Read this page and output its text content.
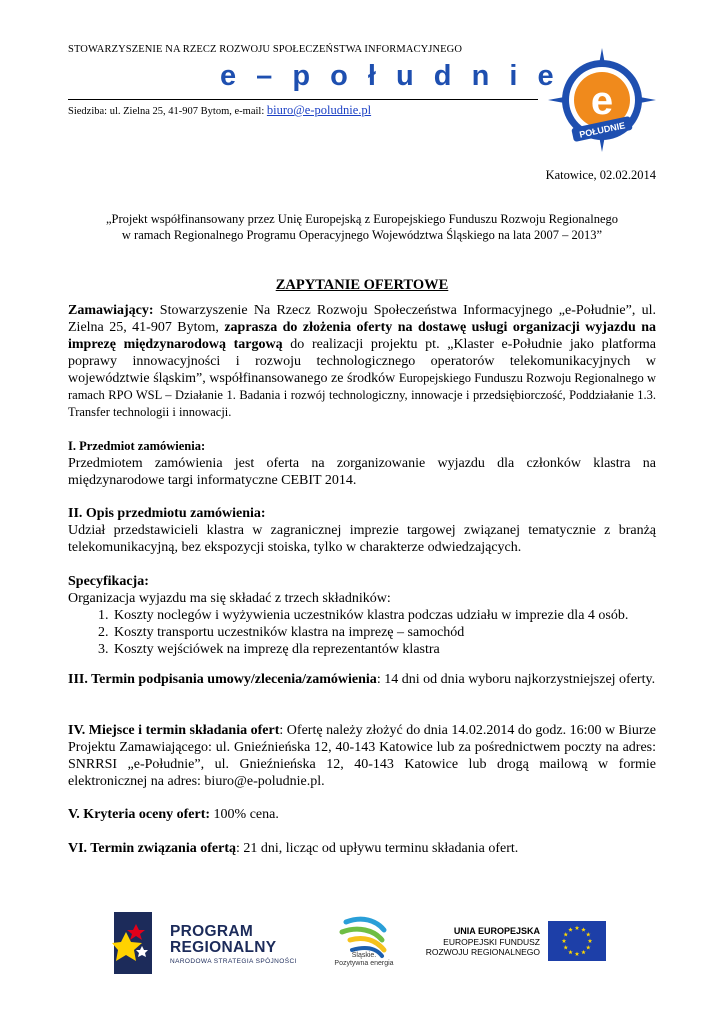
STOWARZYSZENIE NA RZECZ ROZWOJU SPOŁECZEŃSTWA INFORMACYJNEGO
e – p o ł u d n i e
Siedziba: ul. Zielna 25, 41-907 Bytom, e-mail: biuro@e-poludnie.pl	e
POŁUDNIE
Katowice, 02.02.2014
„Projekt współfinansowany przez Unię Europejską z Europejskiego Funduszu Rozwoju Regionalnego
w ramach Regionalnego Programu Operacyjnego Województwa Śląskiego na lata 2007 – 2013”
ZAPYTANIE OFERTOWE
Zamawiający: Stowarzyszenie Na Rzecz Rozwoju Społeczeństwa Informacyjnego „e-Południe”, ul. Zielna 25, 41-907 Bytom, zaprasza do złożenia oferty na dostawę usługi organizacji wyjazdu na imprezę międzynarodową targową do realizacji projektu pt. „Klaster e-Południe jako platforma poprawy innowacyjności i rozwoju technologicznego operatorów telekomunikacyjnych w województwie śląskim”, współfinansowanego ze środków Europejskiego Funduszu Rozwoju Regionalnego w ramach RPO WSL – Działanie 1. Badania i rozwój technologiczny, innowacje i przedsiębiorczość, Poddziałanie 1.3. Transfer technologii i innowacji.
I. Przedmiot zamówienia:
Przedmiotem zamówienia jest oferta na zorganizowanie wyjazdu dla członków klastra na międzynarodowe targi informatyczne CEBIT 2014.
II. Opis przedmiotu zamówienia:
Udział przedstawicieli klastra w zagranicznej imprezie targowej związanej tematycznie z branżą telekomunikacyjną, bez ekspozycji stoiska, tylko w charakterze odwiedzających.
Specyfikacja:
Organizacja wyjazdu ma się składać z trzech składników:
1. Koszty noclegów i wyżywienia uczestników klastra podczas udziału w imprezie dla 4 osób.
2. Koszty transportu uczestników klastra na imprezę – samochód
3. Koszty wejściówek na imprezę dla reprezentantów klastra
III. Termin podpisania umowy/zlecenia/zamówienia: 14 dni od dnia wyboru najkorzystniejszej oferty.
IV. Miejsce i termin składania ofert: Ofertę należy złożyć do dnia 14.02.2014 do godz. 16:00 w Biurze Projektu Zamawiającego: ul. Gnieźnieńska 12, 40-143 Katowice lub za pośrednictwem poczty na adres: SNRRSI „e-Południe”, ul. Gnieźnieńska 12, 40-143 Katowice lub drogą mailową w formie elektronicznej na adres: biuro@e-poludnie.pl.
V. Kryteria oceny ofert: 100% cena.
VI. Termin związania ofertą: 21 dni, licząc od upływu terminu składania ofert.
PROGRAM
REGIONALNY
NARODOWA STRATEGIA SPÓJNOŚCI
Śląskie.
Pozytywna energia
UNIA EUROPEJSKA
EUROPEJSKI FUNDUSZ
ROZWOJU REGIONALNEGO
